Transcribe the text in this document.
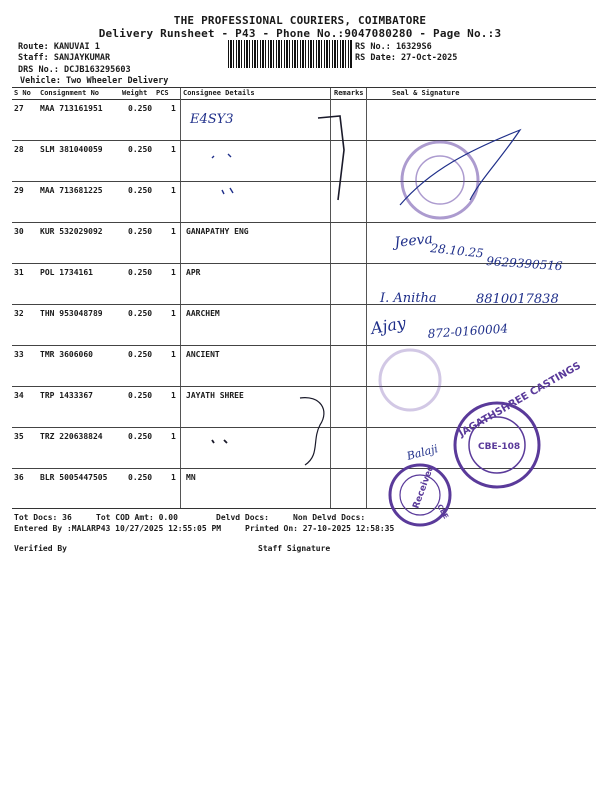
THE PROFESSIONAL COURIERS, COIMBATORE
Delivery Runsheet - P43 - Phone No.:9047080280 - Page No.:3
Route: KANUVAI 1
Staff: SANJAYKUMAR
DRS No.: DCJB163295603
Vehicle: Two Wheeler Delivery
RS No.: 16329S6
RS Date: 27-Oct-2025
S No Consignment No	Weight PCS Consignee Details	Remarks	Seal & Signature
27 MAA 713161951	0.250 1
28 SLM 381040059	0.250 1
29 MAA 713681225	0.250 1
30 KUR 532029092	0.250 1 GANAPATHY ENG
31 POL 1734161	0.250 1 APR
32 THN 953048789	0.250 1 AARCHEM
33 TMR 3606060	0.250 1 ANCIENT
34 TRP 1433367	0.250 1 JAYATH SHREE
35 TRZ 220638824	0.250 1
36 BLR 5005447505	0.250 1 MN
E4SY3
Jeeva
28.10.25
9629390516
I. Anitha	8810017838
Ajay 872-0160004
Balaji
JAGATHSHREE CASTINGS
CBE-108
Received
CBE
Tot Docs: 36	Tot COD Amt: 0.00	Delvd Docs:	Non Delvd Docs:
Entered By :MALARP43 10/27/2025 12:55:05 PM	Printed On: 27-10-2025 12:58:35
Verified By	Staff Signature
